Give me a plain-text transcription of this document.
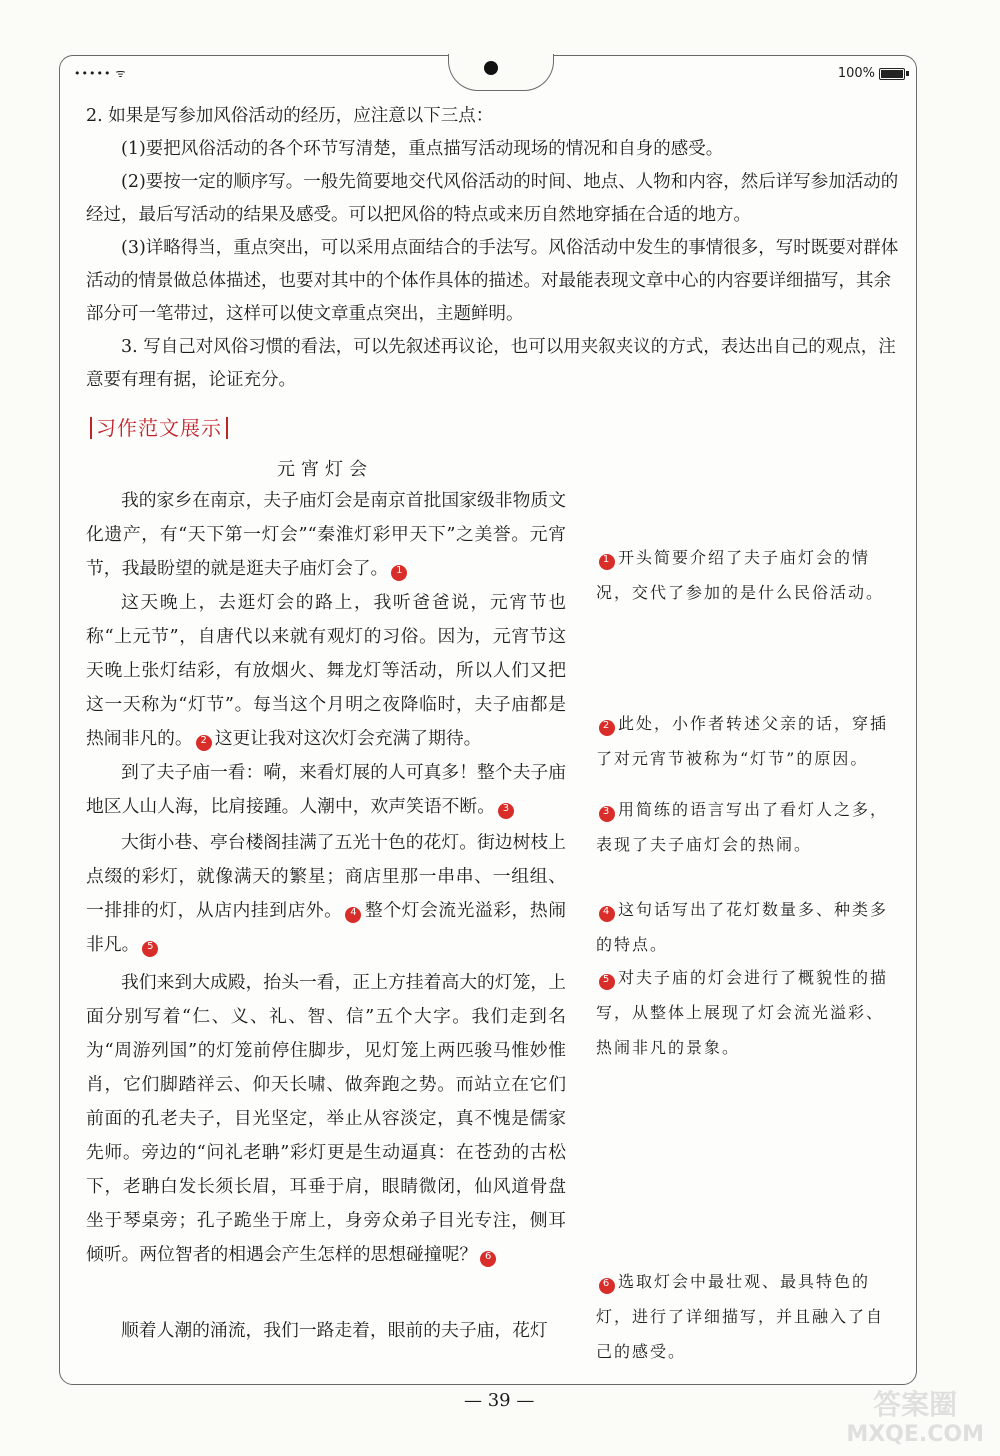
••••• ᯤ	100%
2. 如果是写参加风俗活动的经历，应注意以下三点：
(1)要把风俗活动的各个环节写清楚，重点描写活动现场的情况和自身的感受。
(2)要按一定的顺序写。一般先简要地交代风俗活动的时间、地点、人物和内容，然后详写参加活动的经过，最后写活动的结果及感受。可以把风俗的特点或来历自然地穿插在合适的地方。
(3)详略得当，重点突出，可以采用点面结合的手法写。风俗活动中发生的事情很多，写时既要对群体活动的情景做总体描述，也要对其中的个体作具体的描述。对最能表现文章中心的内容要详细描写，其余部分可一笔带过，这样可以使文章重点突出，主题鲜明。
3. 写自己对风俗习惯的看法，可以先叙述再议论，也可以用夹叙夹议的方式，表达出自己的观点，注意要有理有据，论证充分。
习作范文展示
元宵灯会
我的家乡在南京，夫子庙灯会是南京首批国家级非物质文化遗产，有“天下第一灯会”“秦淮灯彩甲天下”之美誉。元宵节，我最盼望的就是逛夫子庙灯会了。 1
这天晚上，去逛灯会的路上，我听爸爸说，元宵节也称“上元节”，自唐代以来就有观灯的习俗。因为，元宵节这天晚上张灯结彩，有放烟火、舞龙灯等活动，所以人们又把这一天称为“灯节”。每当这个月明之夜降临时，夫子庙都是热闹非凡的。 2 这更让我对这次灯会充满了期待。
到了夫子庙一看：嗬，来看灯展的人可真多！整个夫子庙地区人山人海，比肩接踵。人潮中，欢声笑语不断。 3
大街小巷、亭台楼阁挂满了五光十色的花灯。街边树枝上点缀的彩灯，就像满天的繁星；商店里那一串串、一组组、一排排的灯，从店内挂到店外。 4 整个灯会流光溢彩，热闹非凡。 5
我们来到大成殿，抬头一看，正上方挂着高大的灯笼，上面分别写着“仁、义、礼、智、信”五个大字。我们走到名为“周游列国”的灯笼前停住脚步，见灯笼上两匹骏马惟妙惟肖，它们脚踏祥云、仰天长啸、做奔跑之势。而站立在它们前面的孔老夫子，目光坚定，举止从容淡定，真不愧是儒家先师。旁边的“问礼老聃”彩灯更是生动逼真：在苍劲的古松下，老聃白发长须长眉，耳垂于肩，眼睛微闭，仙风道骨盘坐于琴桌旁；孔子跪坐于席上，身旁众弟子目光专注，侧耳倾听。两位智者的相遇会产生怎样的思想碰撞呢？ 6
顺着人潮的涌流，我们一路走着，眼前的夫子庙，花灯
1 开头简要介绍了夫子庙灯会的情况，交代了参加的是什么民俗活动。
2 此处，小作者转述父亲的话，穿插了对元宵节被称为“灯节”的原因。
3 用简练的语言写出了看灯人之多，表现了夫子庙灯会的热闹。
4 这句话写出了花灯数量多、种类多的特点。
5 对夫子庙的灯会进行了概貌性的描写，从整体上展现了灯会流光溢彩、热闹非凡的景象。
6 选取灯会中最壮观、最具特色的灯，进行了详细描写，并且融入了自己的感受。
— 39 —	答案圈
MXQE.COM
